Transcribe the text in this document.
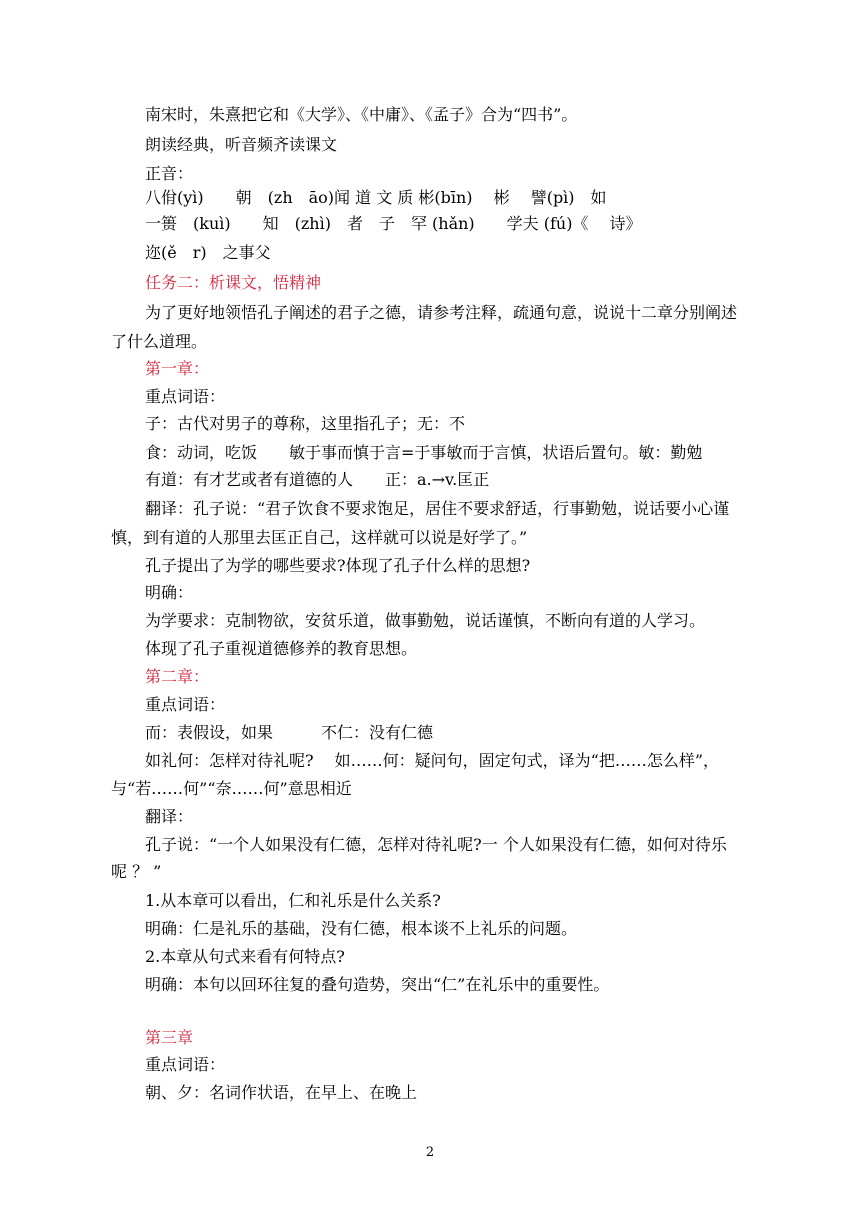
南宋时，朱熹把它和《大学》、《中庸》、《孟子》合为“四书”。
朗读经典，听音频齐读课文
正音：
八佾(yì)　　朝　(zh　āo)闻 道 文 质 彬(bīn)　 彬　 譬(pì)　如
一篑　(kuì)　　知　(zhì)　者　子　罕 (hǎn)　　学夫 (fú)《　 诗》
迩(ě　r)　之事父
任务二：析课文，悟精神
为了更好地领悟孔子阐述的君子之德，请参考注释，疏通句意，说说十二章分别阐述
了什么道理。
第一章：
重点词语：
子：古代对男子的尊称，这里指孔子；无：不
食：动词，吃饭　　敏于事而慎于言=于事敏而于言慎，状语后置句。敏：勤勉
有道：有才艺或者有道德的人　　正：a.→v.匡正
翻译：孔子说：“君子饮食不要求饱足，居住不要求舒适，行事勤勉，说话要小心谨
慎，到有道的人那里去匡正自己，这样就可以说是好学了。”
孔子提出了为学的哪些要求?体现了孔子什么样的思想?
明确：
为学要求：克制物欲，安贫乐道，做事勤勉，说话谨慎，不断向有道的人学习。
体现了孔子重视道德修养的教育思想。
第二章：
重点词语：
而：表假设，如果　　　不仁：没有仁德
如礼何：怎样对待礼呢?　 如……何：疑问句，固定句式，译为“把……怎么样”，
与“若……何”“奈……何”意思相近
翻译：
孔子说：“一个人如果没有仁德，怎样对待礼呢?一 个人如果没有仁德，如何对待乐
呢 ？ ”
1.从本章可以看出，仁和礼乐是什么关系?
明确：仁是礼乐的基础，没有仁德，根本谈不上礼乐的问题。
2.本章从句式来看有何特点?
明确：本句以回环往复的叠句造势，突出“仁”在礼乐中的重要性。
第三章
重点词语：
朝、夕：名词作状语，在早上、在晚上
2
